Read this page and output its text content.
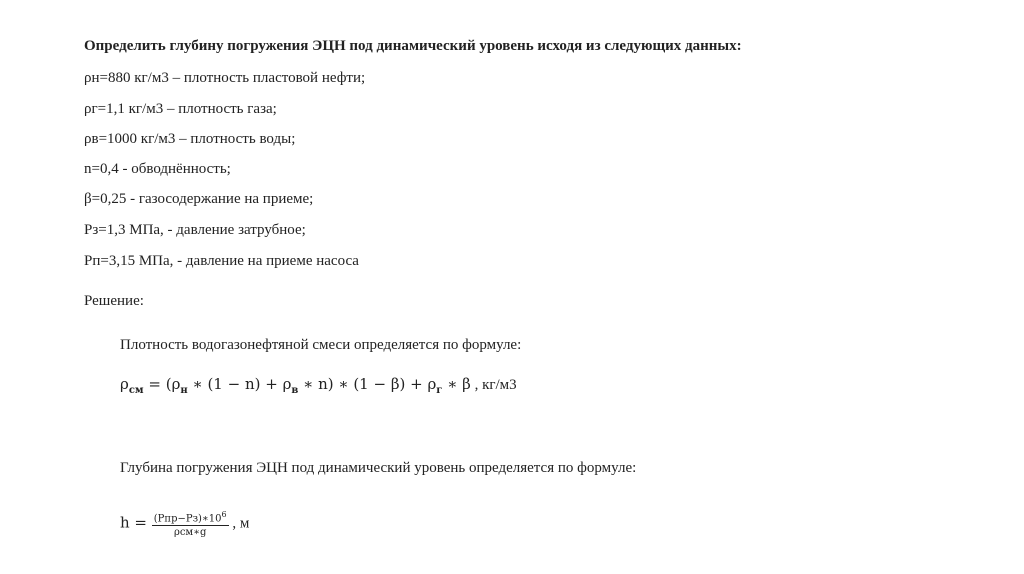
Определить глубину погружения ЭЦН под динамический уровень исходя из следующих данных:
ρн=880 кг/м3 – плотность пластовой нефти;
ρг=1,1 кг/м3 – плотность газа;
ρв=1000 кг/м3 – плотность воды;
n=0,4 - обводнённость;
β=0,25 - газосодержание на приеме;
Рз=1,3 МПа, - давление затрубное;
Рп=3,15 МПа, - давление на приеме насоса
Решение:
Плотность водогазонефтяной смеси определяется по формуле:
$\rho_{см} = (\rho_н$ ∗ $(1 - n) + \rho_в$ ∗ n) ∗ $(1 - \beta) + \rho_г$ ∗ β , кг/м3
Глубина погружения ЭЦН под динамический уровень определяется по формуле:
$h = \frac{(Pпр-Pз)∗10^6}{\text{ρсм∗g}}$ , м
